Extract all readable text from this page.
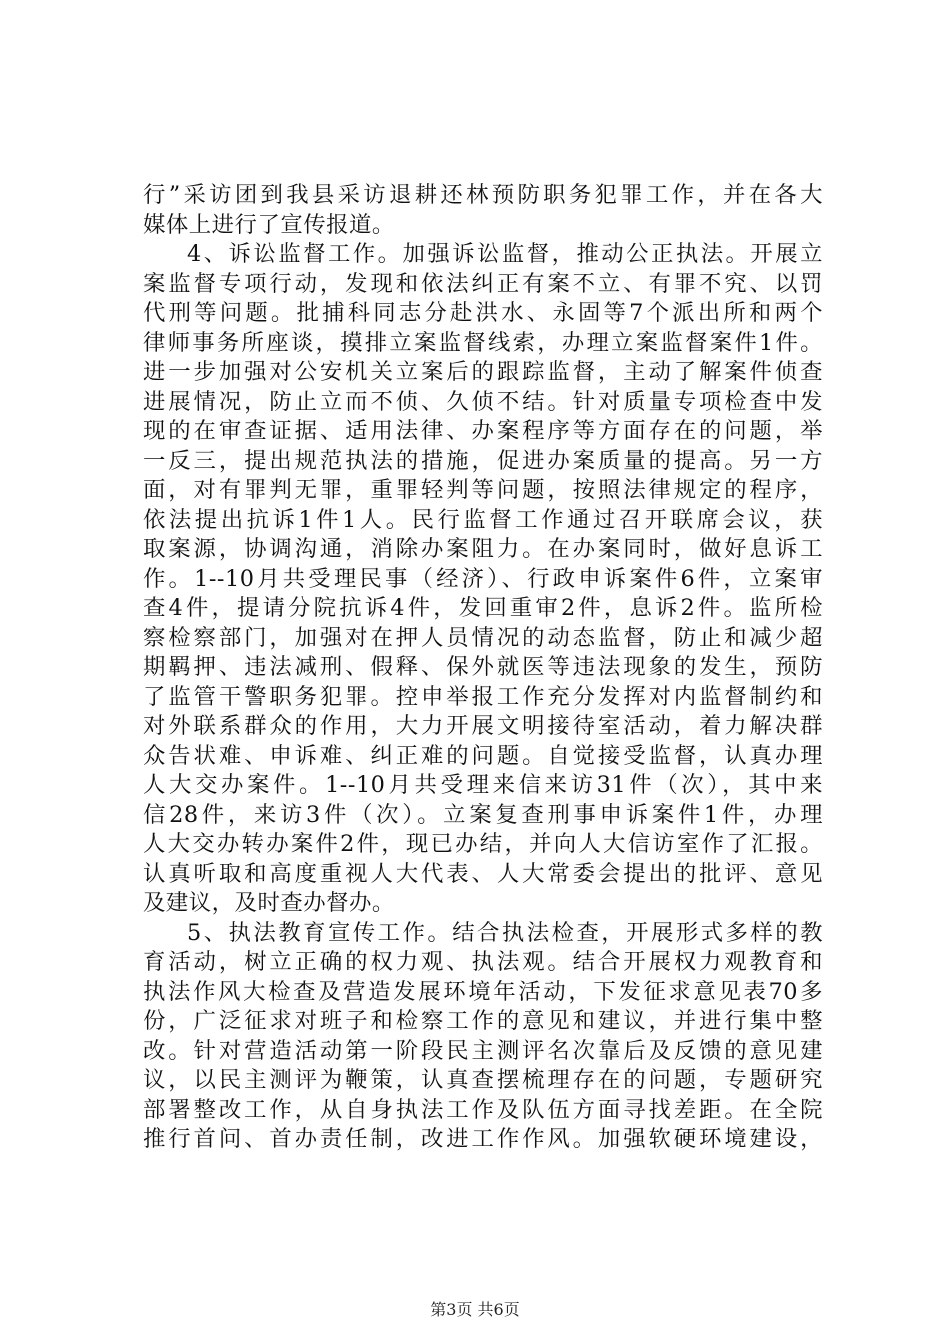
行”采访团到我县采访退耕还林预防职务犯罪工作，并在各大
媒体上进行了宣传报道。
4、诉讼监督工作。加强诉讼监督，推动公正执法。开展立
案监督专项行动，发现和依法纠正有案不立、有罪不究、以罚
代刑等问题。批捕科同志分赴洪水、永固等7个派出所和两个
律师事务所座谈，摸排立案监督线索，办理立案监督案件1件。
进一步加强对公安机关立案后的跟踪监督，主动了解案件侦查
进展情况，防止立而不侦、久侦不结。针对质量专项检查中发
现的在审查证据、适用法律、办案程序等方面存在的问题，举
一反三，提出规范执法的措施，促进办案质量的提高。另一方
面，对有罪判无罪，重罪轻判等问题，按照法律规定的程序，
依法提出抗诉1件1人。民行监督工作通过召开联席会议，获
取案源，协调沟通，消除办案阻力。在办案同时，做好息诉工
作。1--10月共受理民事（经济）、行政申诉案件6件，立案审
查4件，提请分院抗诉4件，发回重审2件，息诉2件。监所检
察检察部门，加强对在押人员情况的动态监督，防止和减少超
期羁押、违法减刑、假释、保外就医等违法现象的发生，预防
了监管干警职务犯罪。控申举报工作充分发挥对内监督制约和
对外联系群众的作用，大力开展文明接待室活动，着力解决群
众告状难、申诉难、纠正难的问题。自觉接受监督，认真办理
人大交办案件。1--10月共受理来信来访31件（次），其中来
信28件，来访3件（次）。立案复查刑事申诉案件1件，办理
人大交办转办案件2件，现已办结，并向人大信访室作了汇报。
认真听取和高度重视人大代表、人大常委会提出的批评、意见
及建议，及时查办督办。
5、执法教育宣传工作。结合执法检查，开展形式多样的教
育活动，树立正确的权力观、执法观。结合开展权力观教育和
执法作风大检查及营造发展环境年活动，下发征求意见表70多
份，广泛征求对班子和检察工作的意见和建议，并进行集中整
改。针对营造活动第一阶段民主测评名次靠后及反馈的意见建
议，以民主测评为鞭策，认真查摆梳理存在的问题，专题研究
部署整改工作，从自身执法工作及队伍方面寻找差距。在全院
推行首问、首办责任制，改进工作作风。加强软硬环境建设，
第3页 共6页
